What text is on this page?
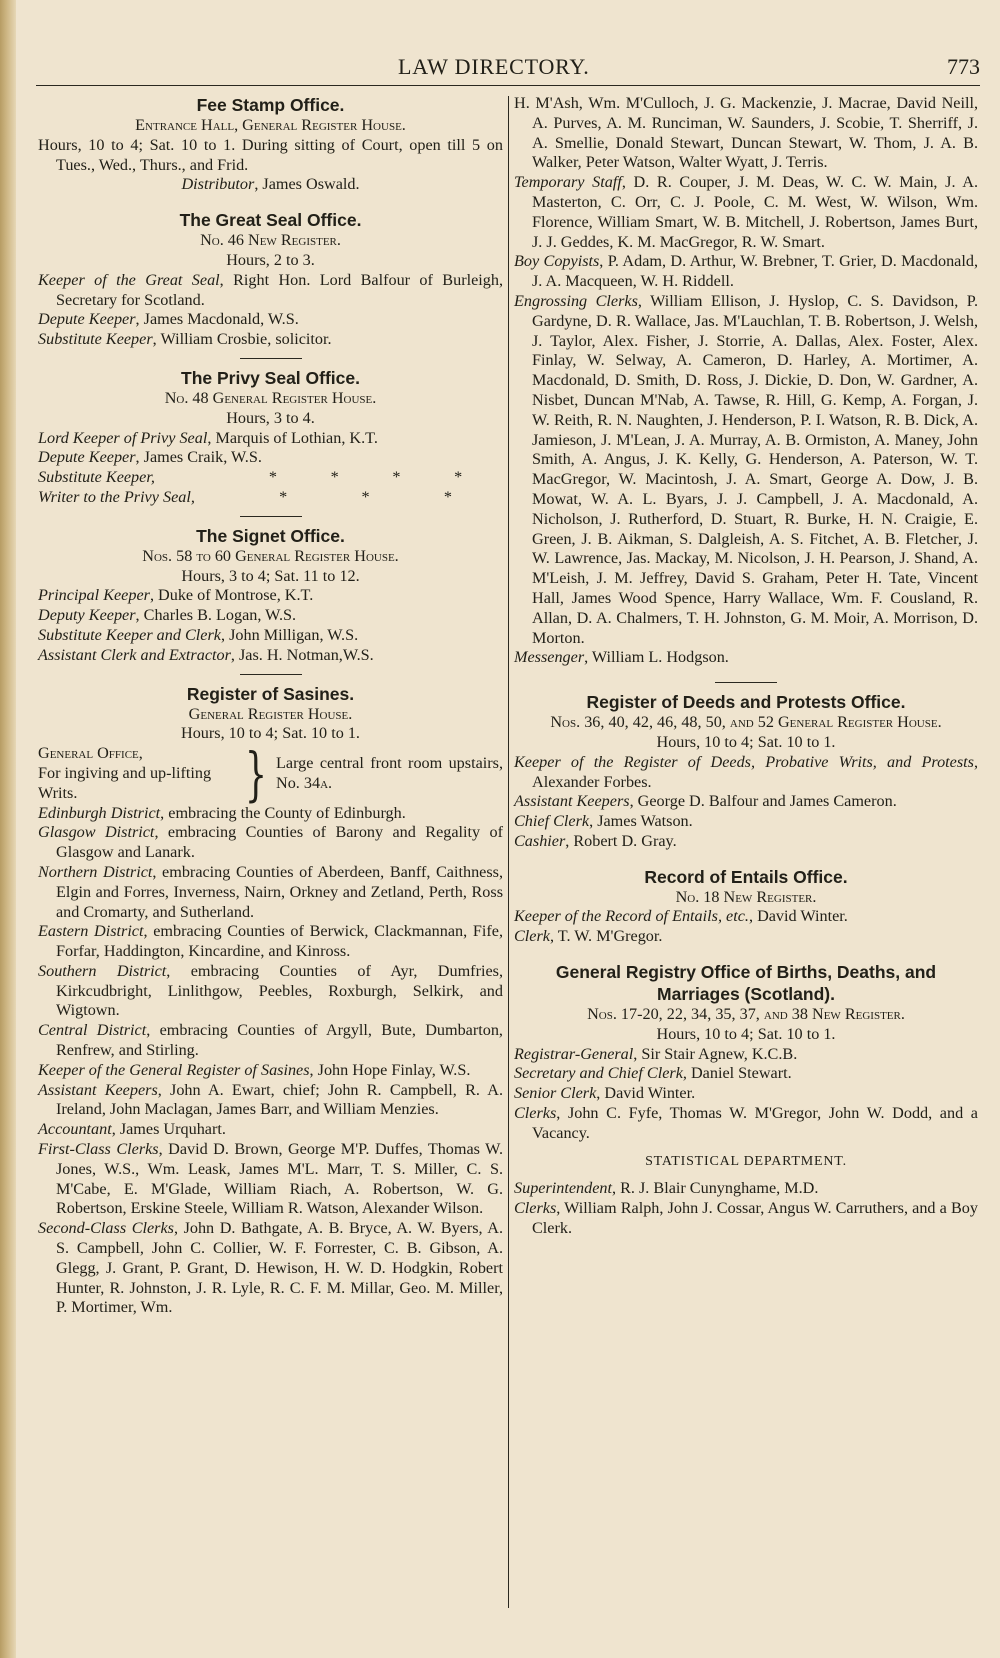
LAW DIRECTORY.	773

Fee Stamp Office.

Entrance Hall, General Register House.

Hours, 10 to 4; Sat. 10 to 1. During sitting of Court, open till 5 on Tues., Wed., Thurs., and Frid.

Distributor, James Oswald.

The Great Seal Office.

No. 46 New Register.

Hours, 2 to 3.

Keeper of the Great Seal, Right Hon. Lord Balfour of Burleigh, Secretary for Scotland.

Depute Keeper, James Macdonald, W.S.

Substitute Keeper, William Crosbie, solicitor.

The Privy Seal Office.

No. 48 General Register House.

Hours, 3 to 4.

Lord Keeper of Privy Seal, Marquis of Lothian, K.T.

Depute Keeper, James Craik, W.S.

Substitute Keeper,	*	*	*	*
Writer to the Privy Seal,	*	*	*

The Signet Office.

Nos. 58 to 60 General Register House.

Hours, 3 to 4; Sat. 11 to 12.

Principal Keeper, Duke of Montrose, K.T.

Deputy Keeper, Charles B. Logan, W.S.

Substitute Keeper and Clerk, John Milligan, W.S.

Assistant Clerk and Extractor, Jas. H. Notman,W.S.

Register of Sasines.

General Register House.

Hours, 10 to 4; Sat. 10 to 1.

General Office,

For ingiving and up-lifting Writs.	} Large central front room upstairs, No. 34a.

Edinburgh District, embracing the County of Edinburgh.

Glasgow District, embracing Counties of Barony and Regality of Glasgow and Lanark.

Northern District, embracing Counties of Aberdeen, Banff, Caithness, Elgin and Forres, Inverness, Nairn, Orkney and Zetland, Perth, Ross and Cromarty, and Sutherland.

Eastern District, embracing Counties of Berwick, Clackmannan, Fife, Forfar, Haddington, Kincardine, and Kinross.

Southern District, embracing Counties of Ayr, Dumfries, Kirkcudbright, Linlithgow, Peebles, Roxburgh, Selkirk, and Wigtown.

Central District, embracing Counties of Argyll, Bute, Dumbarton, Renfrew, and Stirling.

Keeper of the General Register of Sasines, John Hope Finlay, W.S.

Assistant Keepers, John A. Ewart, chief; John R. Campbell, R. A. Ireland, John Maclagan, James Barr, and William Menzies.

Accountant, James Urquhart.

First-Class Clerks, David D. Brown, George M'P. Duffes, Thomas W. Jones, W.S., Wm. Leask, James M'L. Marr, T. S. Miller, C. S. M'Cabe, E. M'Glade, William Riach, A. Robertson, W. G. Robertson, Erskine Steele, William R. Watson, Alexander Wilson.

Second-Class Clerks, John D. Bathgate, A. B. Bryce, A. W. Byers, A. S. Campbell, John C. Collier, W. F. Forrester, C. B. Gibson, A. Glegg, J. Grant, P. Grant, D. Hewison, H. W. D. Hodgkin, Robert Hunter, R. Johnston, J. R. Lyle, R. C. F. M. Millar, Geo. M. Miller, P. Mortimer, Wm.

H. M'Ash, Wm. M'Culloch, J. G. Mackenzie, J. Macrae, David Neill, A. Purves, A. M. Runciman, W. Saunders, J. Scobie, T. Sherriff, J. A. Smellie, Donald Stewart, Duncan Stewart, W. Thom, J. A. B. Walker, Peter Watson, Walter Wyatt, J. Terris.

Temporary Staff, D. R. Couper, J. M. Deas, W. C. W. Main, J. A. Masterton, C. Orr, C. J. Poole, C. M. West, W. Wilson, Wm. Florence, William Smart, W. B. Mitchell, J. Robertson, James Burt, J. J. Geddes, K. M. MacGregor, R. W. Smart.

Boy Copyists, P. Adam, D. Arthur, W. Brebner, T. Grier, D. Macdonald, J. A. Macqueen, W. H. Riddell.

Engrossing Clerks, William Ellison, J. Hyslop, C. S. Davidson, P. Gardyne, D. R. Wallace, Jas. M'Lauchlan, T. B. Robertson, J. Welsh, J. Taylor, Alex. Fisher, J. Storrie, A. Dallas, Alex. Foster, Alex. Finlay, W. Selway, A. Cameron, D. Harley, A. Mortimer, A. Macdonald, D. Smith, D. Ross, J. Dickie, D. Don, W. Gardner, A. Nisbet, Duncan M'Nab, A. Tawse, R. Hill, G. Kemp, A. Forgan, J. W. Reith, R. N. Naughten, J. Henderson, P. I. Watson, R. B. Dick, A. Jamieson, J. M'Lean, J. A. Murray, A. B. Ormiston, A. Maney, John Smith, A. Angus, J. K. Kelly, G. Henderson, A. Paterson, W. T. MacGregor, W. Macintosh, J. A. Smart, George A. Dow, J. B. Mowat, W. A. L. Byars, J. J. Campbell, J. A. Macdonald, A. Nicholson, J. Rutherford, D. Stuart, R. Burke, H. N. Craigie, E. Green, J. B. Aikman, S. Dalgleish, A. S. Fitchet, A. B. Fletcher, J. W. Lawrence, Jas. Mackay, M. Nicolson, J. H. Pearson, J. Shand, A. M'Leish, J. M. Jeffrey, David S. Graham, Peter H. Tate, Vincent Hall, James Wood Spence, Harry Wallace, Wm. F. Cousland, R. Allan, D. A. Chalmers, T. H. Johnston, G. M. Moir, A. Morrison, D. Morton.

Messenger, William L. Hodgson.

Register of Deeds and Protests Office.

Nos. 36, 40, 42, 46, 48, 50, and 52 General Register House.

Hours, 10 to 4; Sat. 10 to 1.

Keeper of the Register of Deeds, Probative Writs, and Protests, Alexander Forbes.

Assistant Keepers, George D. Balfour and James Cameron.

Chief Clerk, James Watson.

Cashier, Robert D. Gray.

Record of Entails Office.

No. 18 New Register.

Keeper of the Record of Entails, etc., David Winter.

Clerk, T. W. M'Gregor.

General Registry Office of Births, Deaths, and Marriages (Scotland).

Nos. 17-20, 22, 34, 35, 37, and 38 New Register.

Hours, 10 to 4; Sat. 10 to 1.

Registrar-General, Sir Stair Agnew, K.C.B.

Secretary and Chief Clerk, Daniel Stewart.

Senior Clerk, David Winter.

Clerks, John C. Fyfe, Thomas W. M'Gregor, John W. Dodd, and a Vacancy.

STATISTICAL DEPARTMENT.

Superintendent, R. J. Blair Cunynghame, M.D.

Clerks, William Ralph, John J. Cossar, Angus W. Carruthers, and a Boy Clerk.
